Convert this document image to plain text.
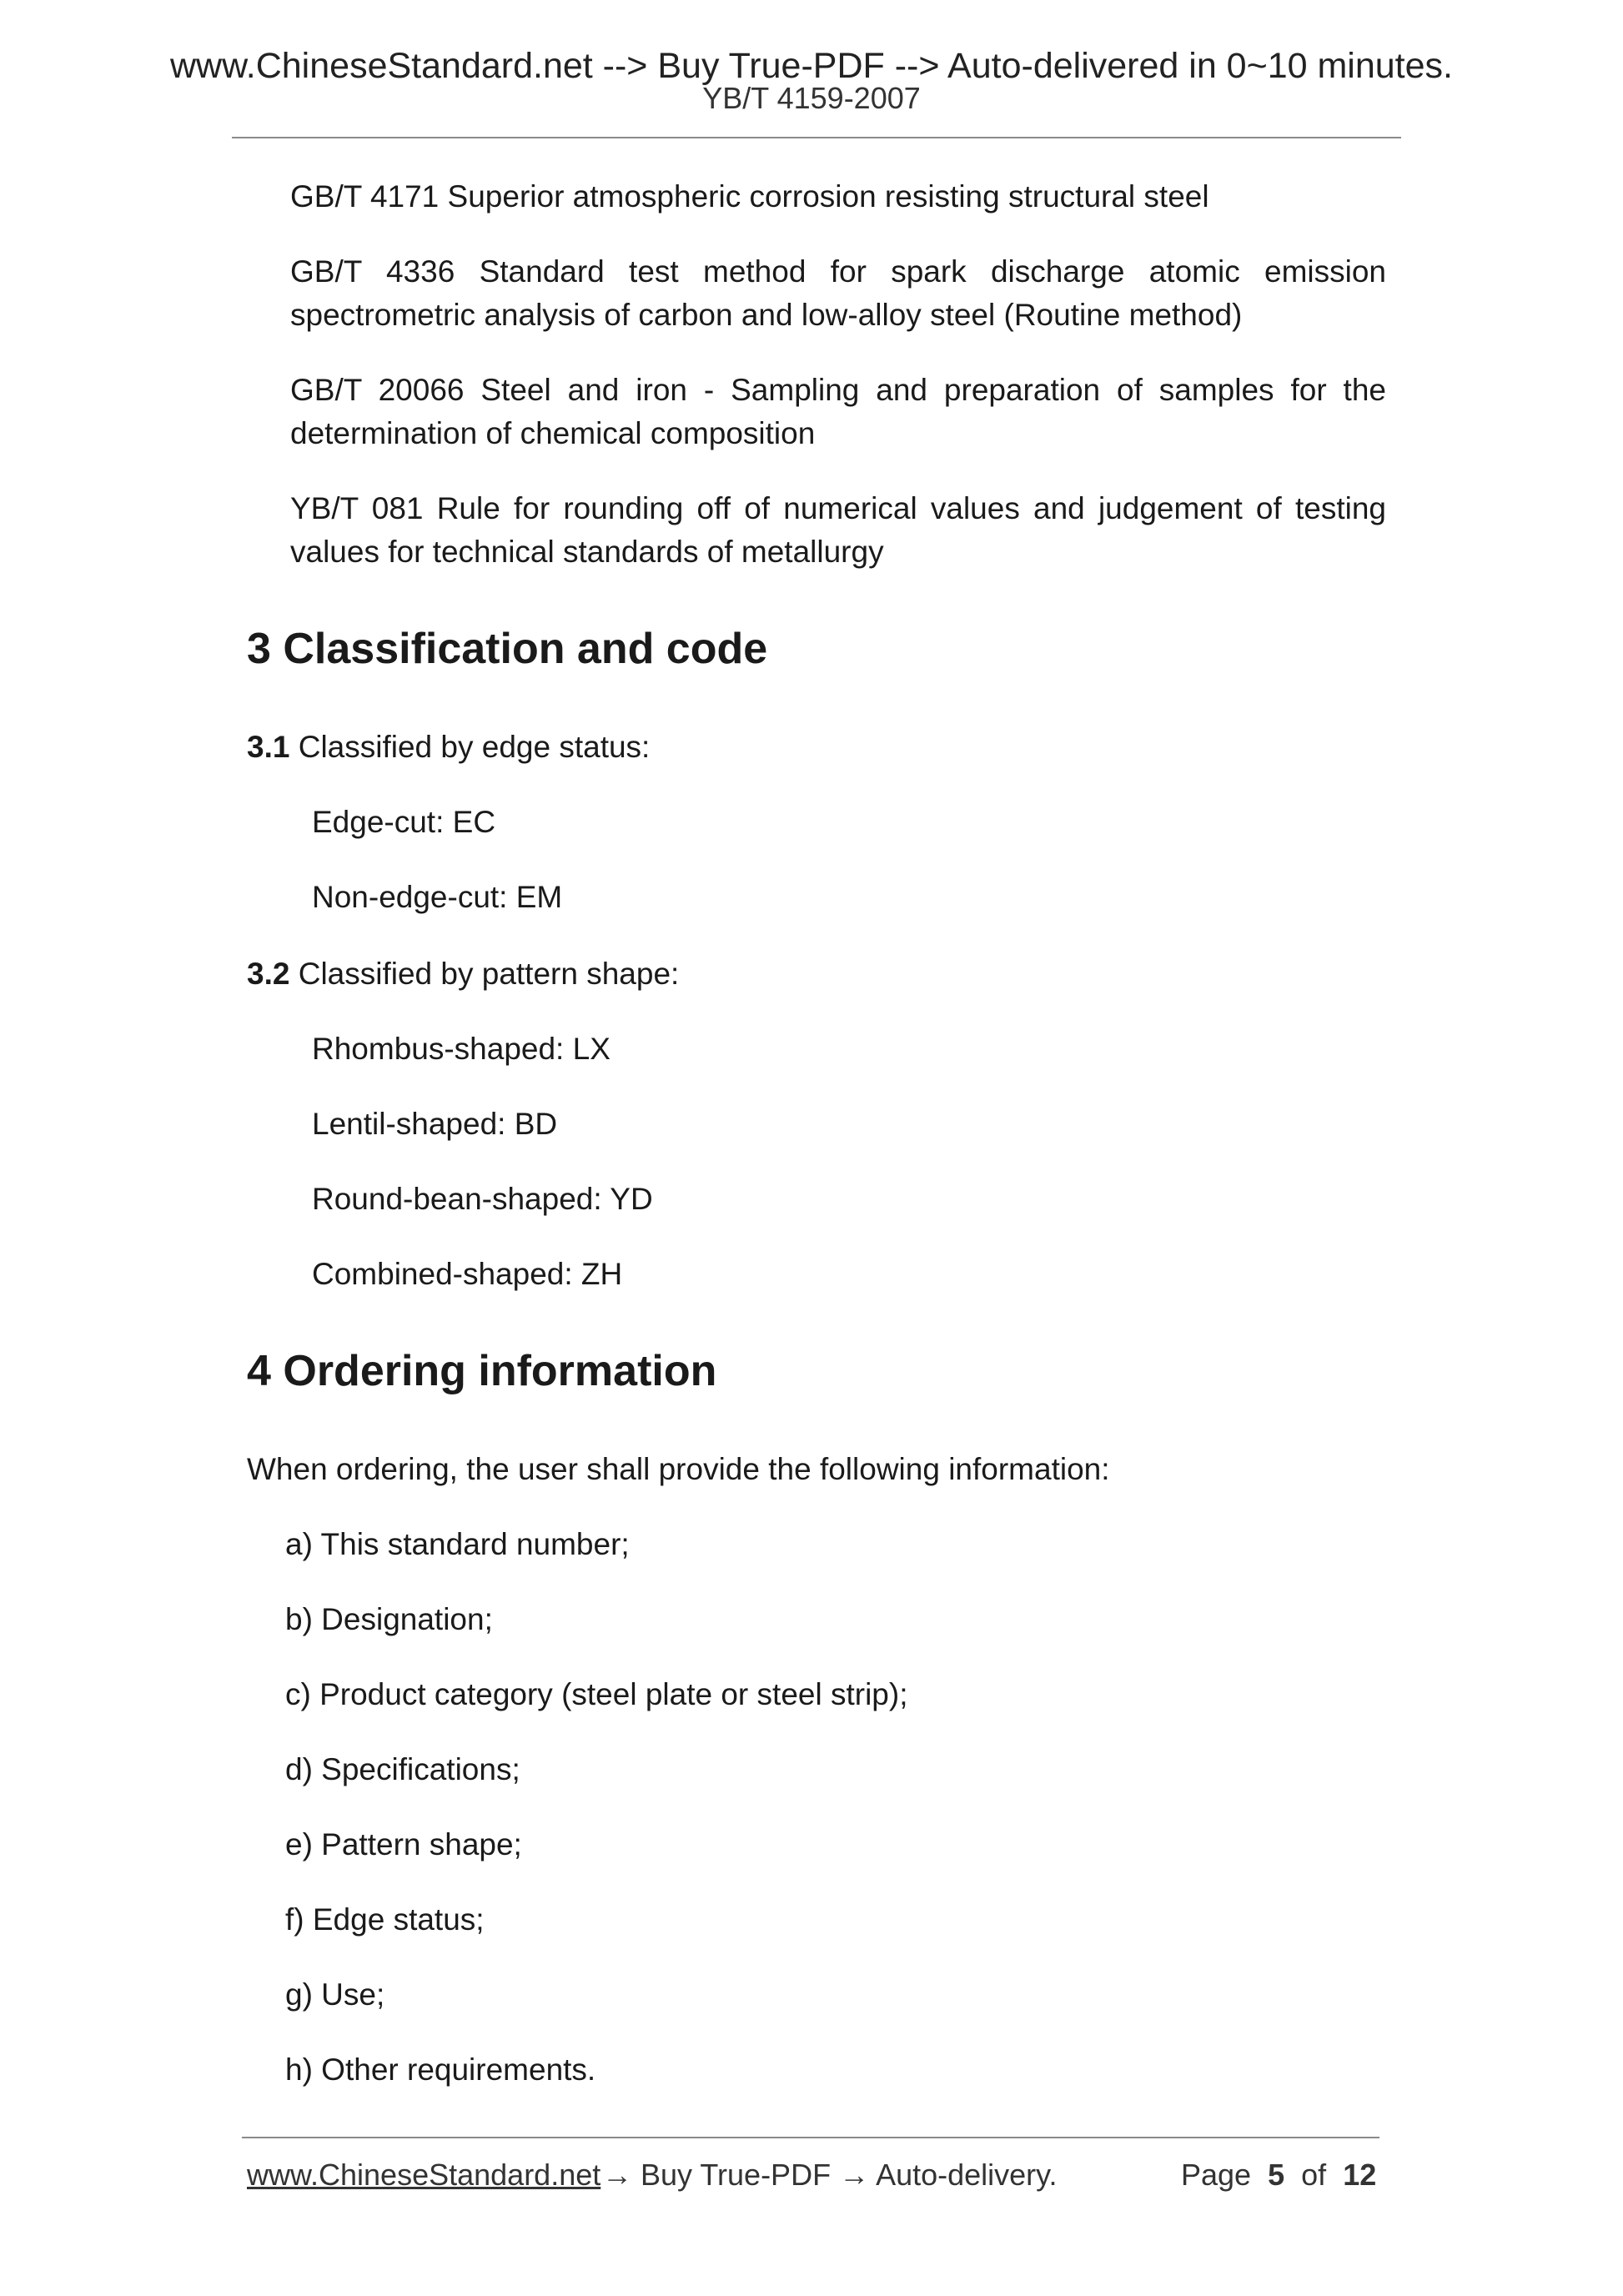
www.ChineseStandard.net --> Buy True-PDF --> Auto-delivered in 0~10 minutes.
YB/T 4159-2007
GB/T 4171 Superior atmospheric corrosion resisting structural steel
GB/T 4336 Standard test method for spark discharge atomic emission spectrometric analysis of carbon and low-alloy steel (Routine method)
GB/T 20066 Steel and iron - Sampling and preparation of samples for the determination of chemical composition
YB/T 081 Rule for rounding off of numerical values and judgement of testing values for technical standards of metallurgy
3 Classification and code
3.1 Classified by edge status:
Edge-cut: EC
Non-edge-cut: EM
3.2 Classified by pattern shape:
Rhombus-shaped: LX
Lentil-shaped: BD
Round-bean-shaped: YD
Combined-shaped: ZH
4 Ordering information
When ordering, the user shall provide the following information:
a) This standard number;
b) Designation;
c) Product category (steel plate or steel strip);
d) Specifications;
e) Pattern shape;
f) Edge status;
g) Use;
h) Other requirements.
www.ChineseStandard.net → Buy True-PDF → Auto-delivery.	Page 5 of 12
